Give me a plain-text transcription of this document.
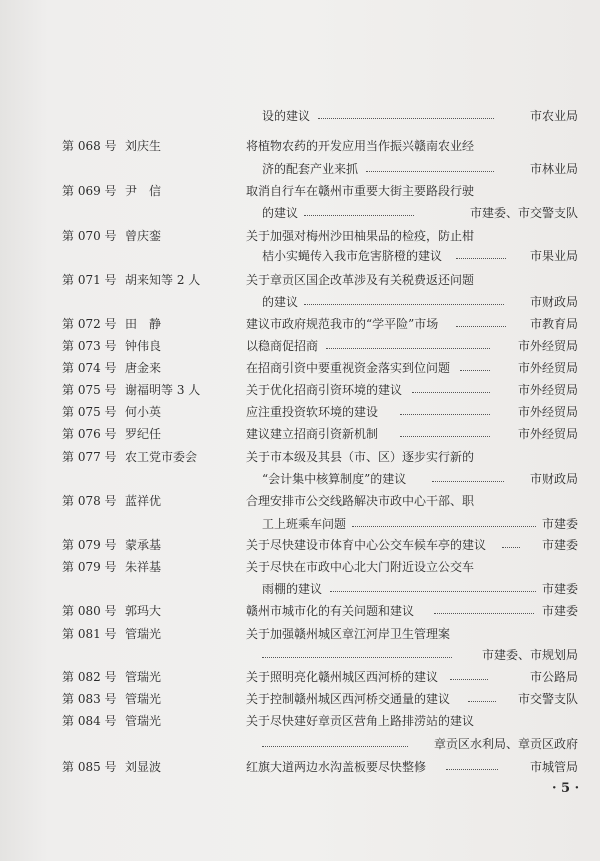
设的建议	市农业局
第 068 号 刘庆生	将植物农药的开发应用当作振兴赣南农业经
济的配套产业来抓	市林业局
第 069 号 尹　信	取消自行车在赣州市重要大街主要路段行驶
的建议	市建委、市交警支队
第 070 号 曾庆銮	关于加强对梅州沙田柚果品的检疫，防止柑
桔小实蝇传入我市危害脐橙的建议	市果业局
第 071 号 胡来知等 2 人	关于章贡区国企改革涉及有关税费返还问题
的建议	市财政局
第 072 号 田　静	建议市政府规范我市的“学平险”市场	市教育局
第 073 号 钟伟良	以稳商促招商	市外经贸局
第 074 号 唐金来	在招商引资中要重视资金落实到位问题	市外经贸局
第 075 号 谢福明等 3 人	关于优化招商引资环境的建议	市外经贸局
第 075 号 何小英	应注重投资软环境的建设	市外经贸局
第 076 号 罗纪任	建议建立招商引资新机制	市外经贸局
第 077 号 农工党市委会	关于市本级及其县（市、区）逐步实行新的
“会计集中核算制度”的建议	市财政局
第 078 号 蓝祥优	合理安排市公交线路解决市政中心干部、职
工上班乘车问题	市建委
第 079 号 蒙承基	关于尽快建设市体育中心公交车候车亭的建议	市建委
第 079 号 朱祥基	关于尽快在市政中心北大门附近设立公交车
雨棚的建议	市建委
第 080 号 郭玛大	赣州市城市化的有关问题和建议	市建委
第 081 号 管瑞光	关于加强赣州城区章江河岸卫生管理案
市建委、市规划局
第 082 号 管瑞光	关于照明亮化赣州城区西河桥的建议	市公路局
第 083 号 管瑞光	关于控制赣州城区西河桥交通量的建议	市交警支队
第 084 号 管瑞光	关于尽快建好章贡区营角上路排涝站的建议
章贡区水利局、章贡区政府
第 085 号 刘显波	红旗大道两边水沟盖板要尽快整修	市城管局
· 5 ·
